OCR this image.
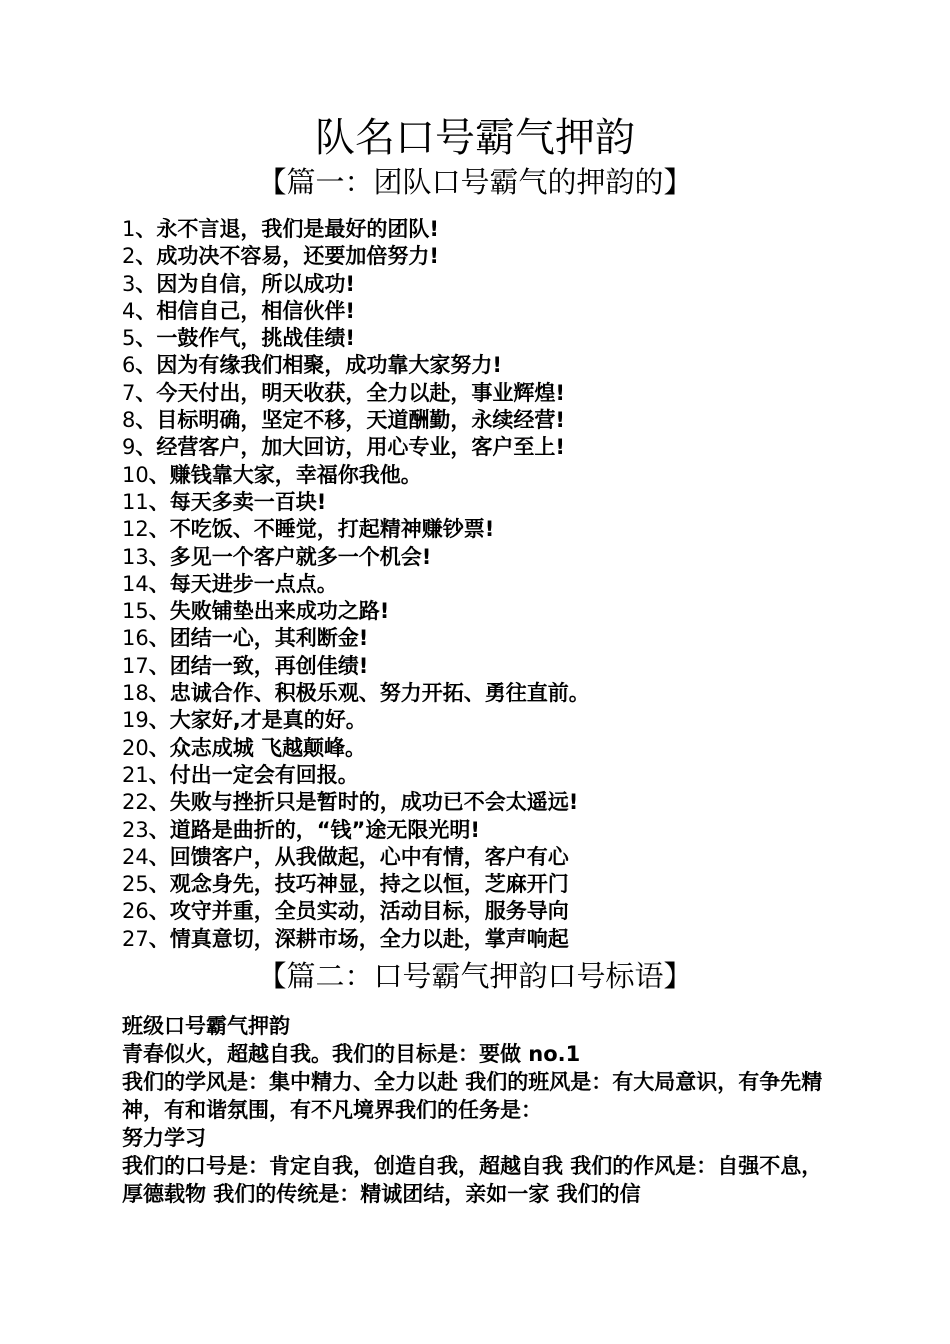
队名口号霸气押韵
【篇一：团队口号霸气的押韵的】
1、永不言退，我们是最好的团队!
2、成功决不容易，还要加倍努力!
3、因为自信，所以成功!
4、相信自己，相信伙伴!
5、一鼓作气，挑战佳绩!
6、因为有缘我们相聚，成功靠大家努力!
7、今天付出，明天收获，全力以赴，事业辉煌!
8、目标明确，坚定不移，天道酬勤，永续经营!
9、经营客户，加大回访，用心专业，客户至上!
10、赚钱靠大家，幸福你我他。
11、每天多卖一百块!
12、不吃饭、不睡觉，打起精神赚钞票!
13、多见一个客户就多一个机会!
14、每天进步一点点。
15、失败铺垫出来成功之路!
16、团结一心，其利断金!
17、团结一致，再创佳绩!
18、忠诚合作、积极乐观、努力开拓、勇往直前。
19、大家好,才是真的好。
20、众志成城 飞越颠峰。
21、付出一定会有回报。
22、失败与挫折只是暂时的，成功已不会太遥远!
23、道路是曲折的，“钱”途无限光明!
24、回馈客户，从我做起，心中有情，客户有心
25、观念身先，技巧神显，持之以恒，芝麻开门
26、攻守并重，全员实动，活动目标，服务导向
27、情真意切，深耕市场，全力以赴，掌声响起
【篇二：口号霸气押韵口号标语】

班级口号霸气押韵

青春似火，超越自我。我们的目标是：要做 no.1

我们的学风是：集中精力、全力以赴 我们的班风是：有大局意识，有争先精神，有和谐氛围，有不凡境界我们的任务是：

努力学习

我们的口号是：肯定自我，创造自我，超越自我 我们的作风是：自强不息，厚德载物 我们的传统是：精诚团结，亲如一家 我们的信
